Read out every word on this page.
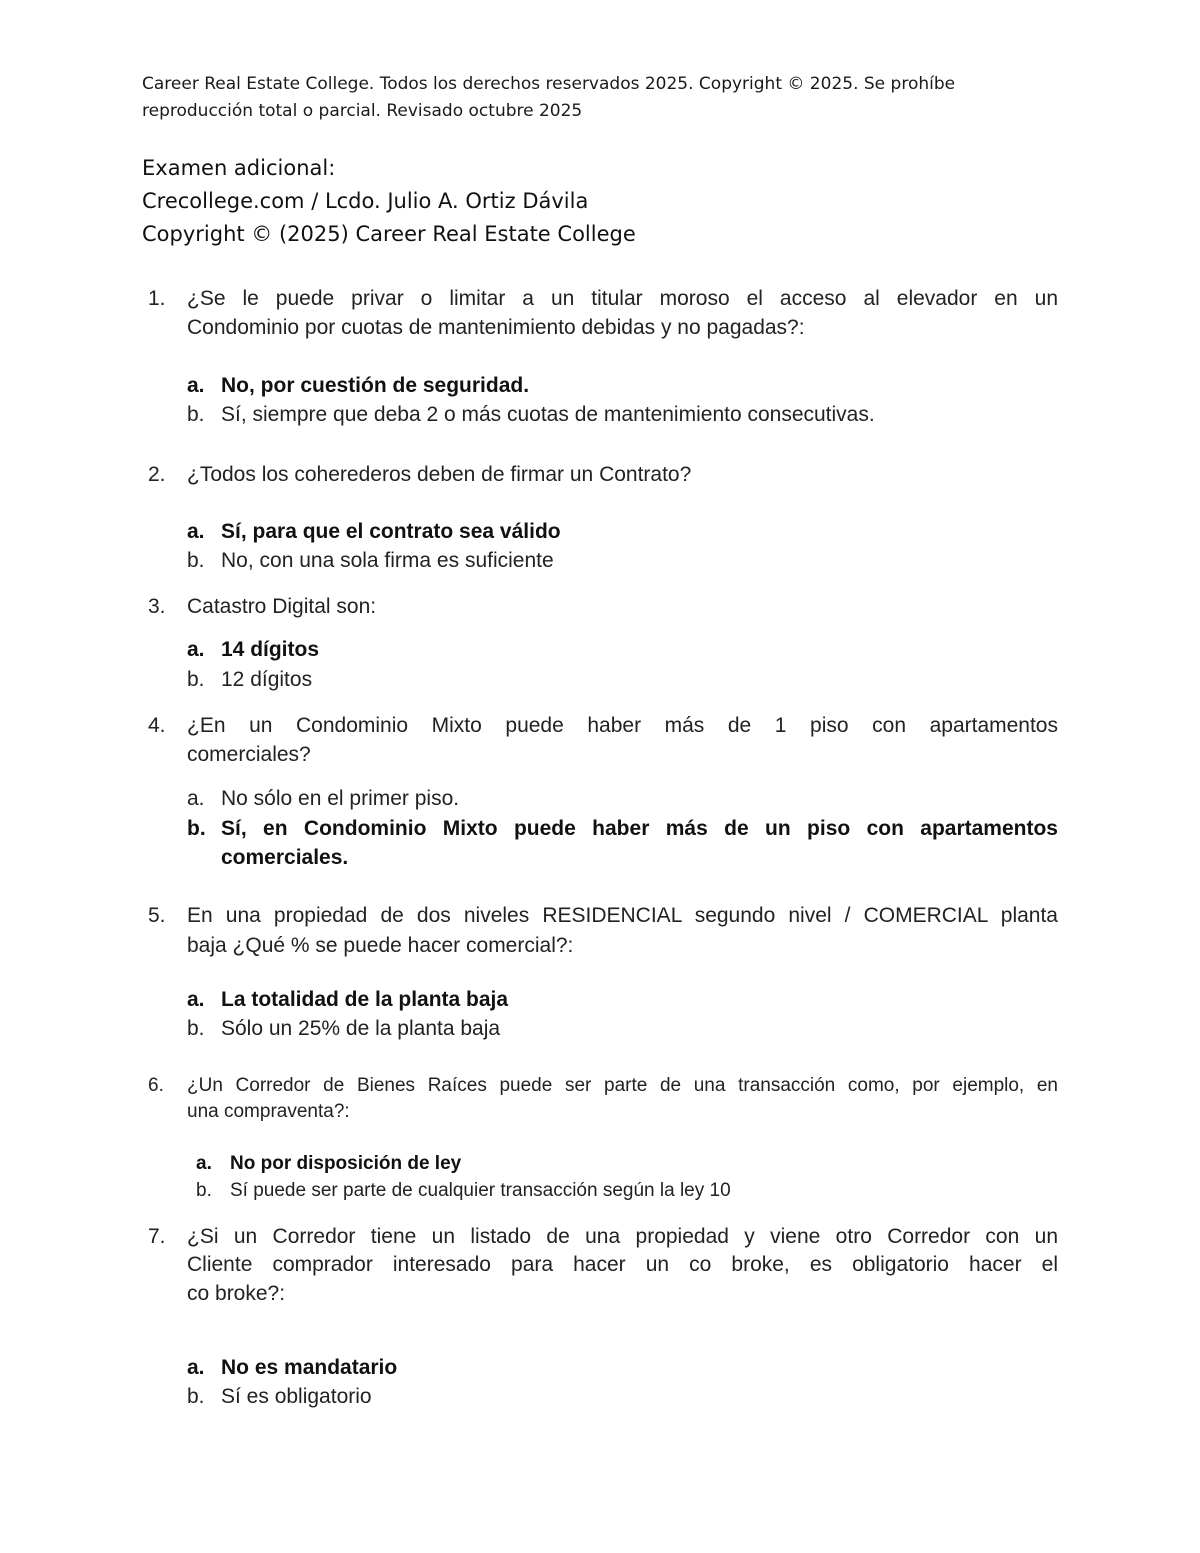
Career Real Estate College. Todos los derechos reservados 2025. Copyright © 2025. Se prohíbe
reproducción total o parcial. Revisado octubre 2025
Examen adicional:
Crecollege.com / Lcdo. Julio A. Ortiz Dávila
Copyright © (2025) Career Real Estate College
1. ¿Se le puede privar o limitar a un titular moroso el acceso al elevador en un
Condominio por cuotas de mantenimiento debidas y no pagadas?:
a. No, por cuestión de seguridad.
b. Sí, siempre que deba 2 o más cuotas de mantenimiento consecutivas.
2. ¿Todos los coherederos deben de firmar un Contrato?
a. Sí, para que el contrato sea válido
b. No, con una sola firma es suficiente
3. Catastro Digital son:
a. 14 dígitos
b. 12 dígitos
4. ¿En un Condominio Mixto puede haber más de 1 piso con apartamentos
comerciales?
a. No sólo en el primer piso.
b. Sí, en Condominio Mixto puede haber más de un piso con apartamentos
comerciales.
5. En una propiedad de dos niveles RESIDENCIAL segundo nivel / COMERCIAL planta
baja ¿Qué % se puede hacer comercial?:
a. La totalidad de la planta baja
b. Sólo un 25% de la planta baja
6. ¿Un Corredor de Bienes Raíces puede ser parte de una transacción como, por ejemplo, en
una compraventa?:
a. No por disposición de ley
b. Sí puede ser parte de cualquier transacción según la ley 10
7. ¿Si un Corredor tiene un listado de una propiedad y viene otro Corredor con un
Cliente comprador interesado para hacer un co broke, es obligatorio hacer el
co broke?:
a. No es mandatario
b. Sí es obligatorio
